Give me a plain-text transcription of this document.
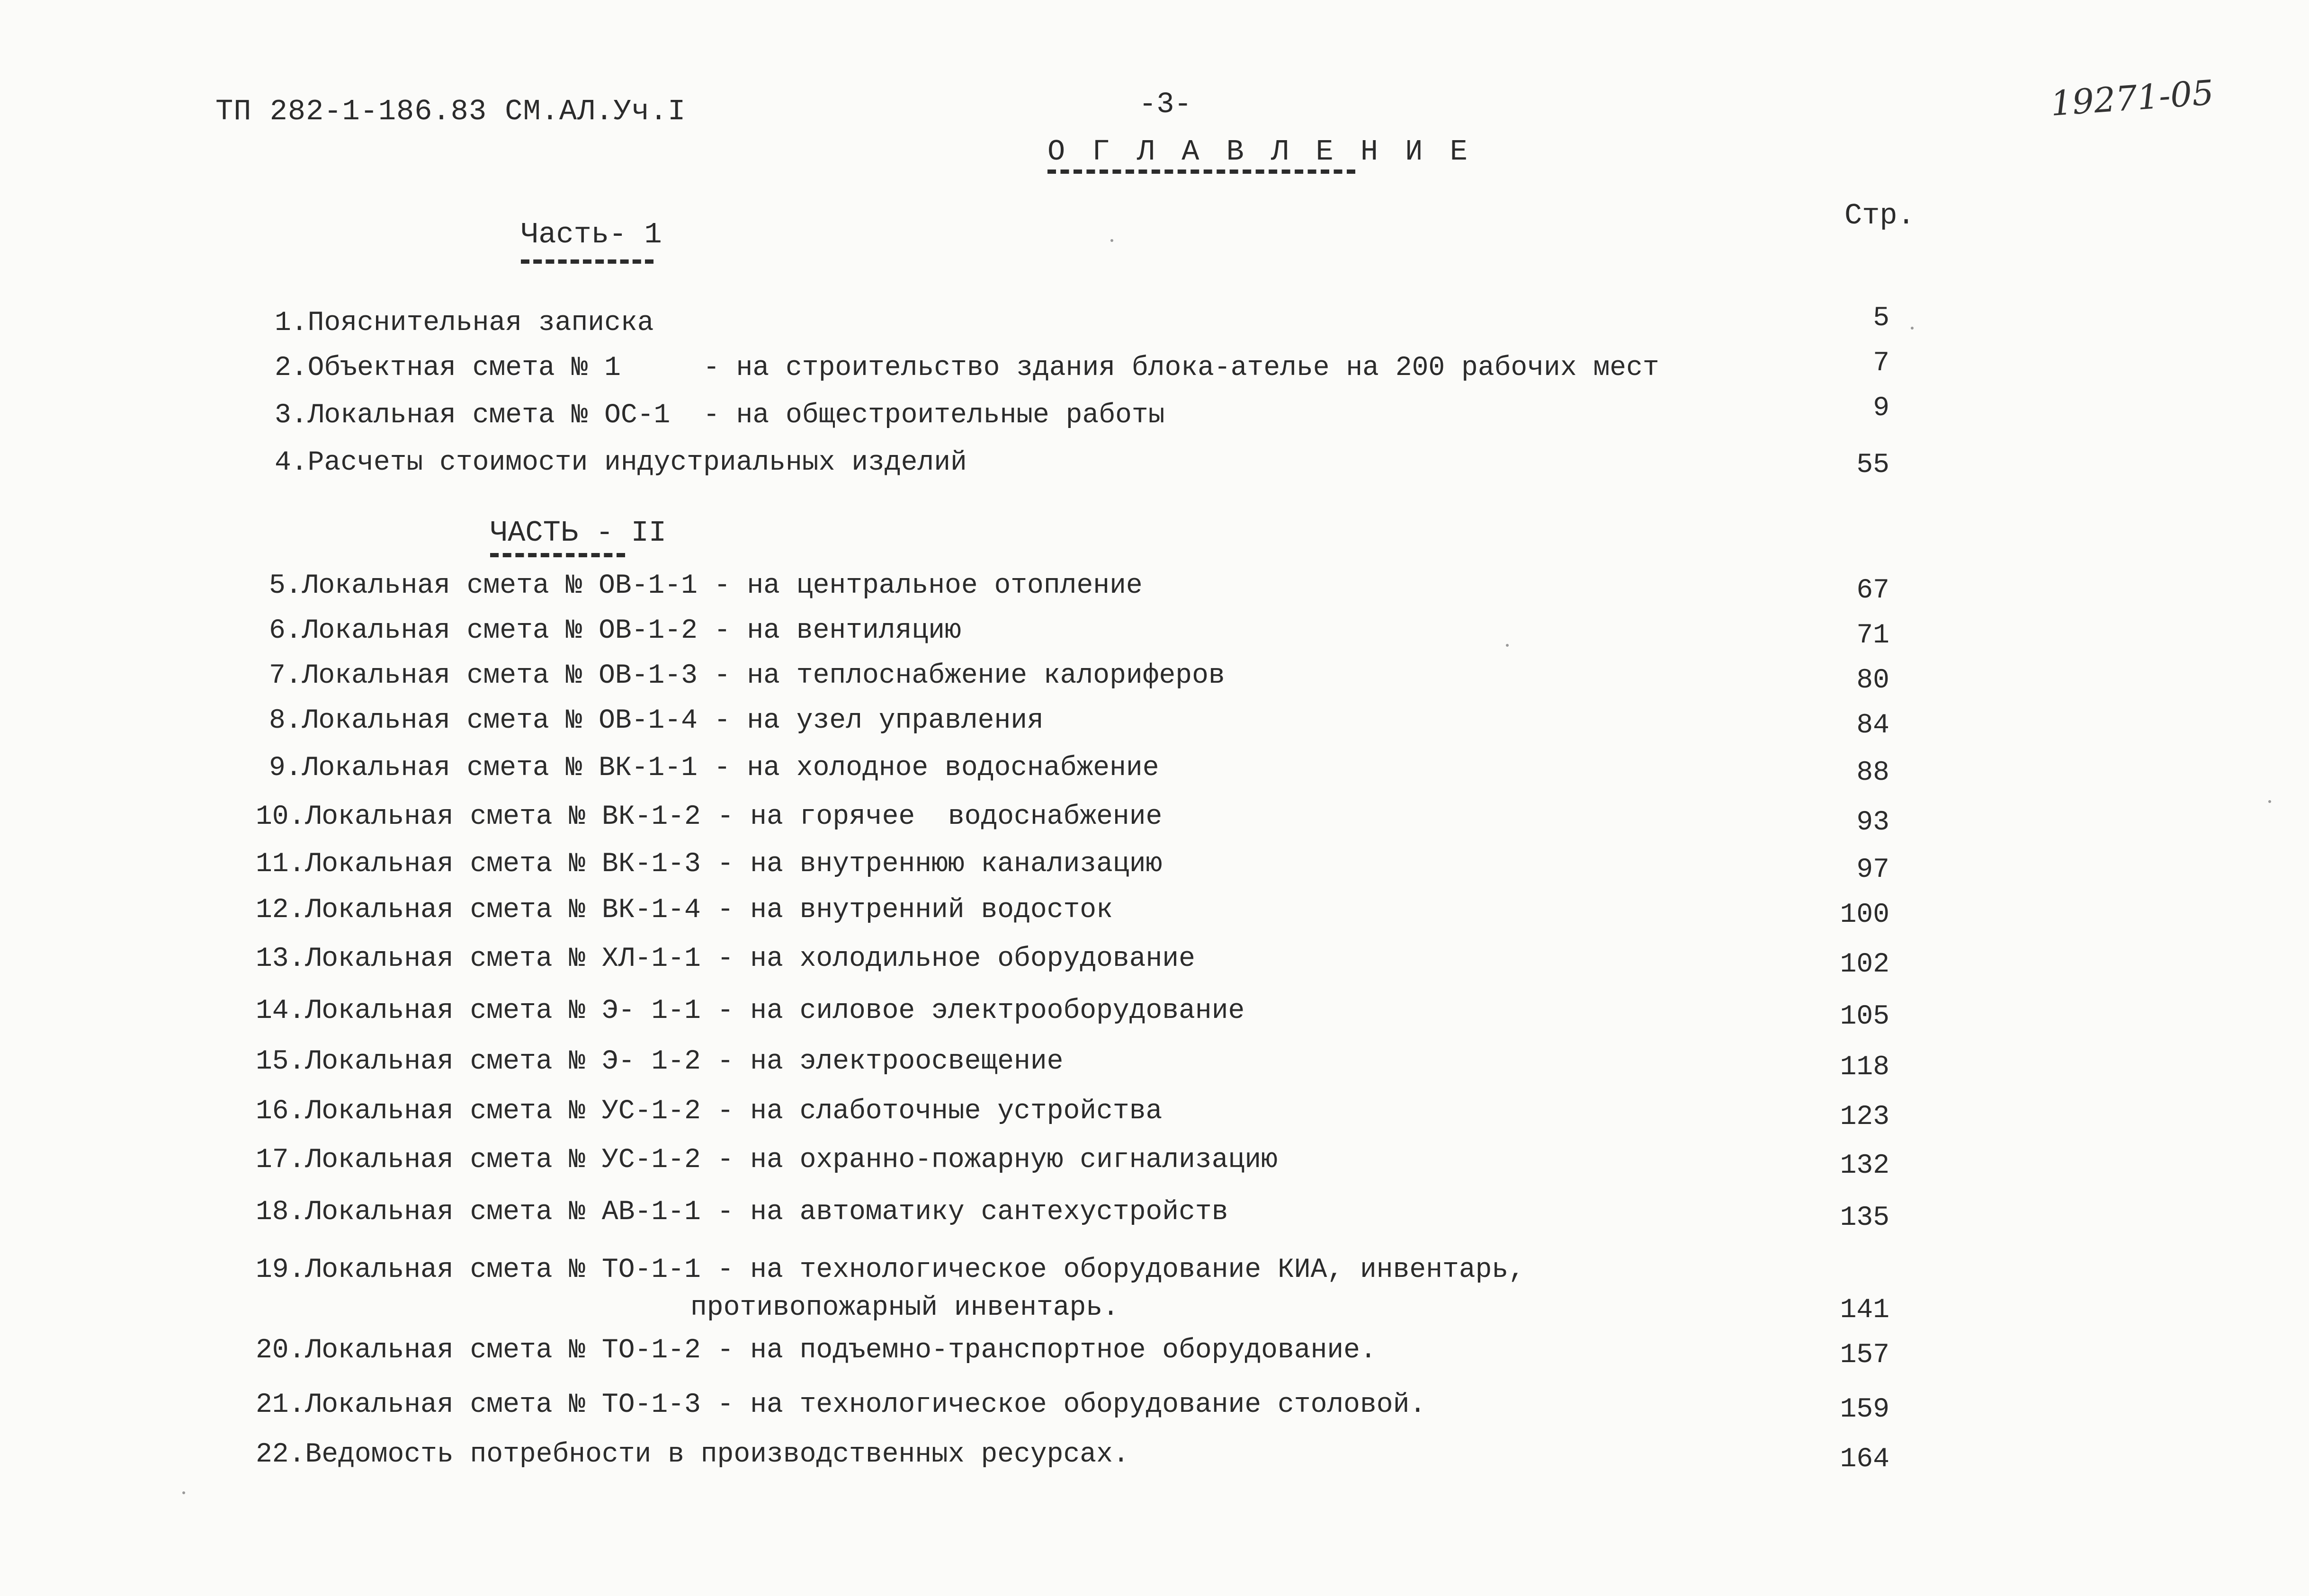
ТП 282-1-186.83 СМ.АЛ.Уч.I	-3-	19271-05
О Г Л А В Л Е Н И Е
Стр.
Часть- 1
ЧАСТЬ - II
1.Пояснительная записка	5
2.Объектная смета № 1     - на строительство здания блока-ателье на 200 рабочих мест	7
3.Локальная смета № ОС-1  - на общестроительные работы	9
4.Расчеты стоимости индустриальных изделий	55
5.Локальная смета № ОВ-1-1 - на центральное отопление	67
6.Локальная смета № ОВ-1-2 - на вентиляцию	71
7.Локальная смета № ОВ-1-3 - на теплоснабжение калориферов	80
8.Локальная смета № ОВ-1-4 - на узел управления	84
9.Локальная смета № ВК-1-1 - на холодное водоснабжение	88
10.Локальная смета № ВК-1-2 - на горячее  водоснабжение	93
11.Локальная смета № ВК-1-3 - на внутреннюю канализацию	97
12.Локальная смета № ВК-1-4 - на внутренний водосток	100
13.Локальная смета № ХЛ-1-1 - на холодильное оборудование	102
14.Локальная смета № Э- 1-1 - на силовое электрооборудование	105
15.Локальная смета № Э- 1-2 - на электроосвещение	118
16.Локальная смета № УС-1-2 - на слаботочные устройства	123
17.Локальная смета № УС-1-2 - на охранно-пожарную сигнализацию	132
18.Локальная смета № АВ-1-1 - на автоматику сантехустройств	135
19.Локальная смета № ТО-1-1 - на технологическое оборудование КИА, инвентарь,
противопожарный инвентарь.	141
20.Локальная смета № ТО-1-2 - на подъемно-транспортное оборудование.	157
21.Локальная смета № ТО-1-3 - на технологическое оборудование столовой.	159
22.Ведомость потребности в производственных ресурсах.	164
